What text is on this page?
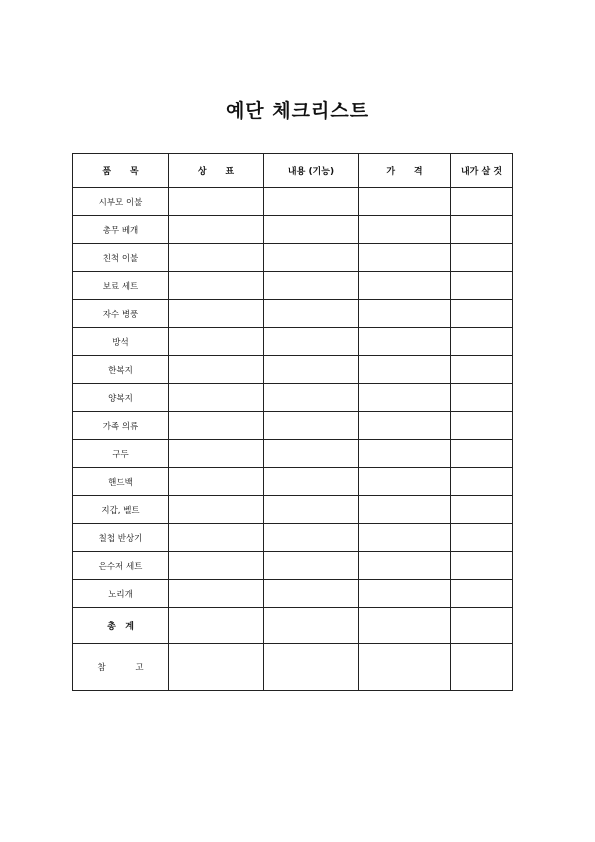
예단 체크리스트
품      목	상      표	내용 (기능)	가      격	내가 살 것
시부모 이불				
총무 베개				
친척 이불				
보료 세트				
자수 병풍				
방석				
한복지				
양복지				
가족 의류				
구두				
핸드백				
지갑, 벨트				
칠첩 반상기				
은수저 세트				
노리개				
총   계				
참           고				
